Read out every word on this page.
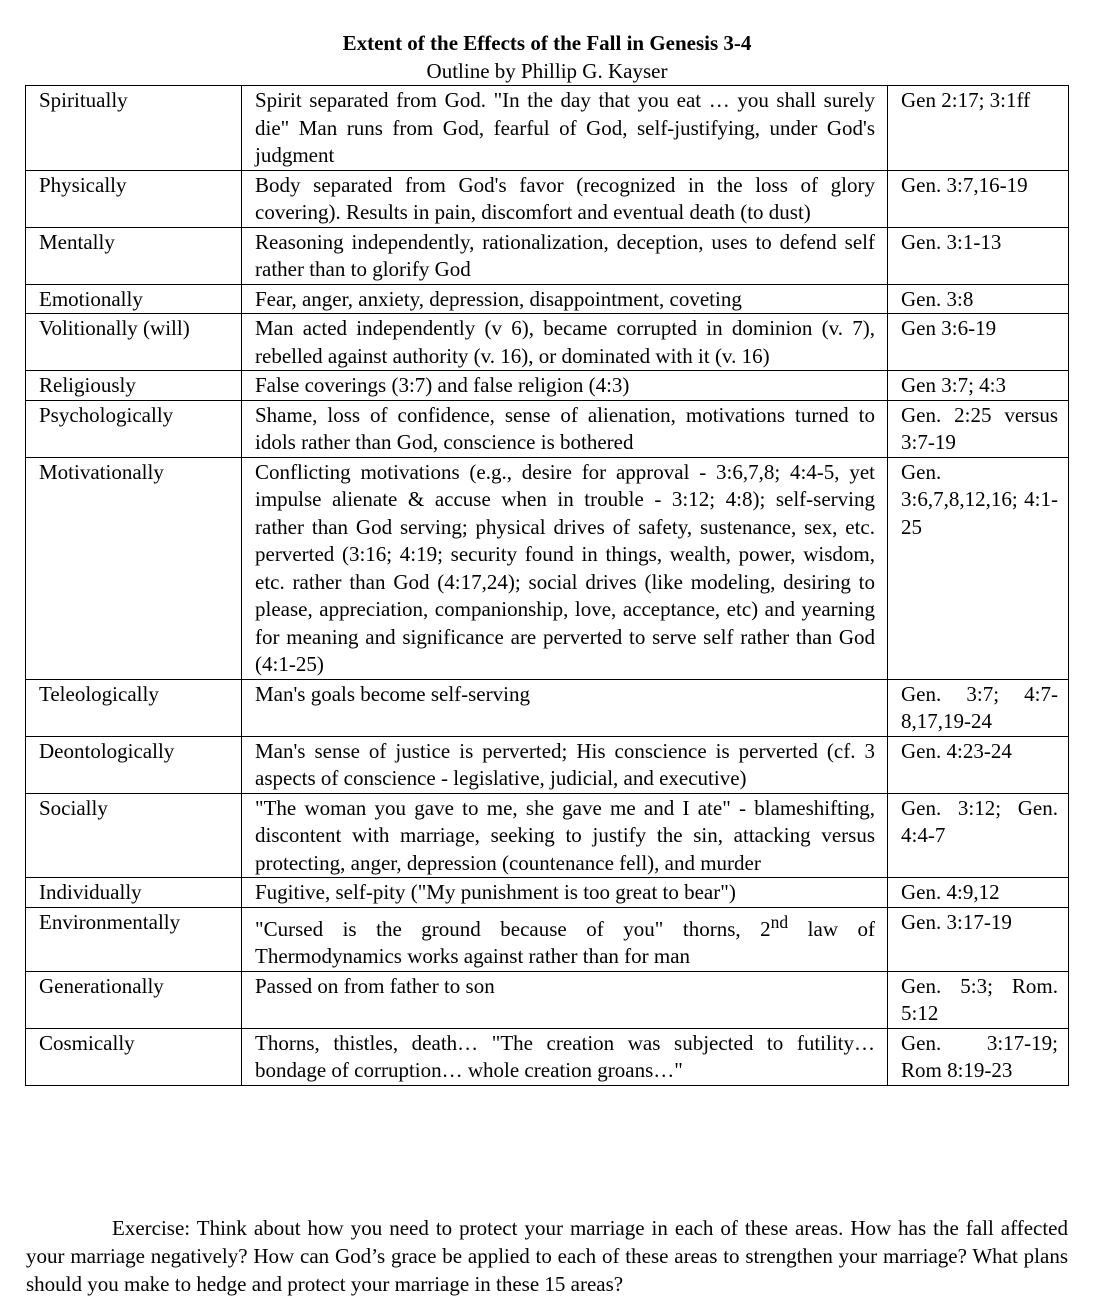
Extent of the Effects of the Fall in Genesis 3-4
Outline by Phillip G. Kayser
Spiritually	Spirit separated from God. "In the day that you eat … you shall surely die" Man runs from God, fearful of God, self-justifying, under God's judgment	Gen 2:17; 3:1ff
Physically	Body separated from God's favor (recognized in the loss of glory covering). Results in pain, discomfort and eventual death (to dust)	Gen. 3:7,16-19
Mentally	Reasoning independently, rationalization, deception, uses to defend self rather than to glorify God	Gen. 3:1-13
Emotionally	Fear, anger, anxiety, depression, disappointment, coveting	Gen. 3:8
Volitionally (will)	Man acted independently (v 6), became corrupted in dominion (v. 7), rebelled against authority (v. 16), or dominated with it (v. 16)	Gen 3:6-19
Religiously	False coverings (3:7) and false religion (4:3)	Gen 3:7; 4:3
Psychologically	Shame, loss of confidence, sense of alienation, motivations turned to idols rather than God, conscience is bothered	Gen. 2:25 versus 3:7-19
Motivationally	Conflicting motivations (e.g., desire for approval - 3:6,7,8; 4:4-5, yet impulse alienate & accuse when in trouble - 3:12; 4:8); self-serving rather than God serving; physical drives of safety, sustenance, sex, etc. perverted (3:16; 4:19; security found in things, wealth, power, wisdom, etc. rather than God (4:17,24); social drives (like modeling, desiring to please, appreciation, companionship, love, acceptance, etc) and yearning for meaning and significance are perverted to serve self rather than God (4:1-25)	Gen. 3:6,7,8,12,16; 4:1-25
Teleologically	Man's goals become self-serving	Gen. 3:7; 4:7-8,17,19-24
Deontologically	Man's sense of justice is perverted; His conscience is perverted (cf. 3 aspects of conscience - legislative, judicial, and executive)	Gen. 4:23-24
Socially	"The woman you gave to me, she gave me and I ate" - blameshifting, discontent with marriage, seeking to justify the sin, attacking versus protecting, anger, depression (countenance fell), and murder	Gen. 3:12; Gen. 4:4-7
Individually	Fugitive, self-pity ("My punishment is too great to bear")	Gen. 4:9,12
Environmentally	"Cursed is the ground because of you" thorns, 2nd law of Thermodynamics works against rather than for man	Gen. 3:17-19
Generationally	Passed on from father to son	Gen. 5:3; Rom. 5:12
Cosmically	Thorns, thistles, death… "The creation was subjected to futility… bondage of corruption… whole creation groans…"	Gen. 3:17-19; Rom 8:19-23
Exercise: Think about how you need to protect your marriage in each of these areas. How has the fall affected your marriage negatively? How can God’s grace be applied to each of these areas to strengthen your marriage? What plans should you make to hedge and protect your marriage in these 15 areas?
